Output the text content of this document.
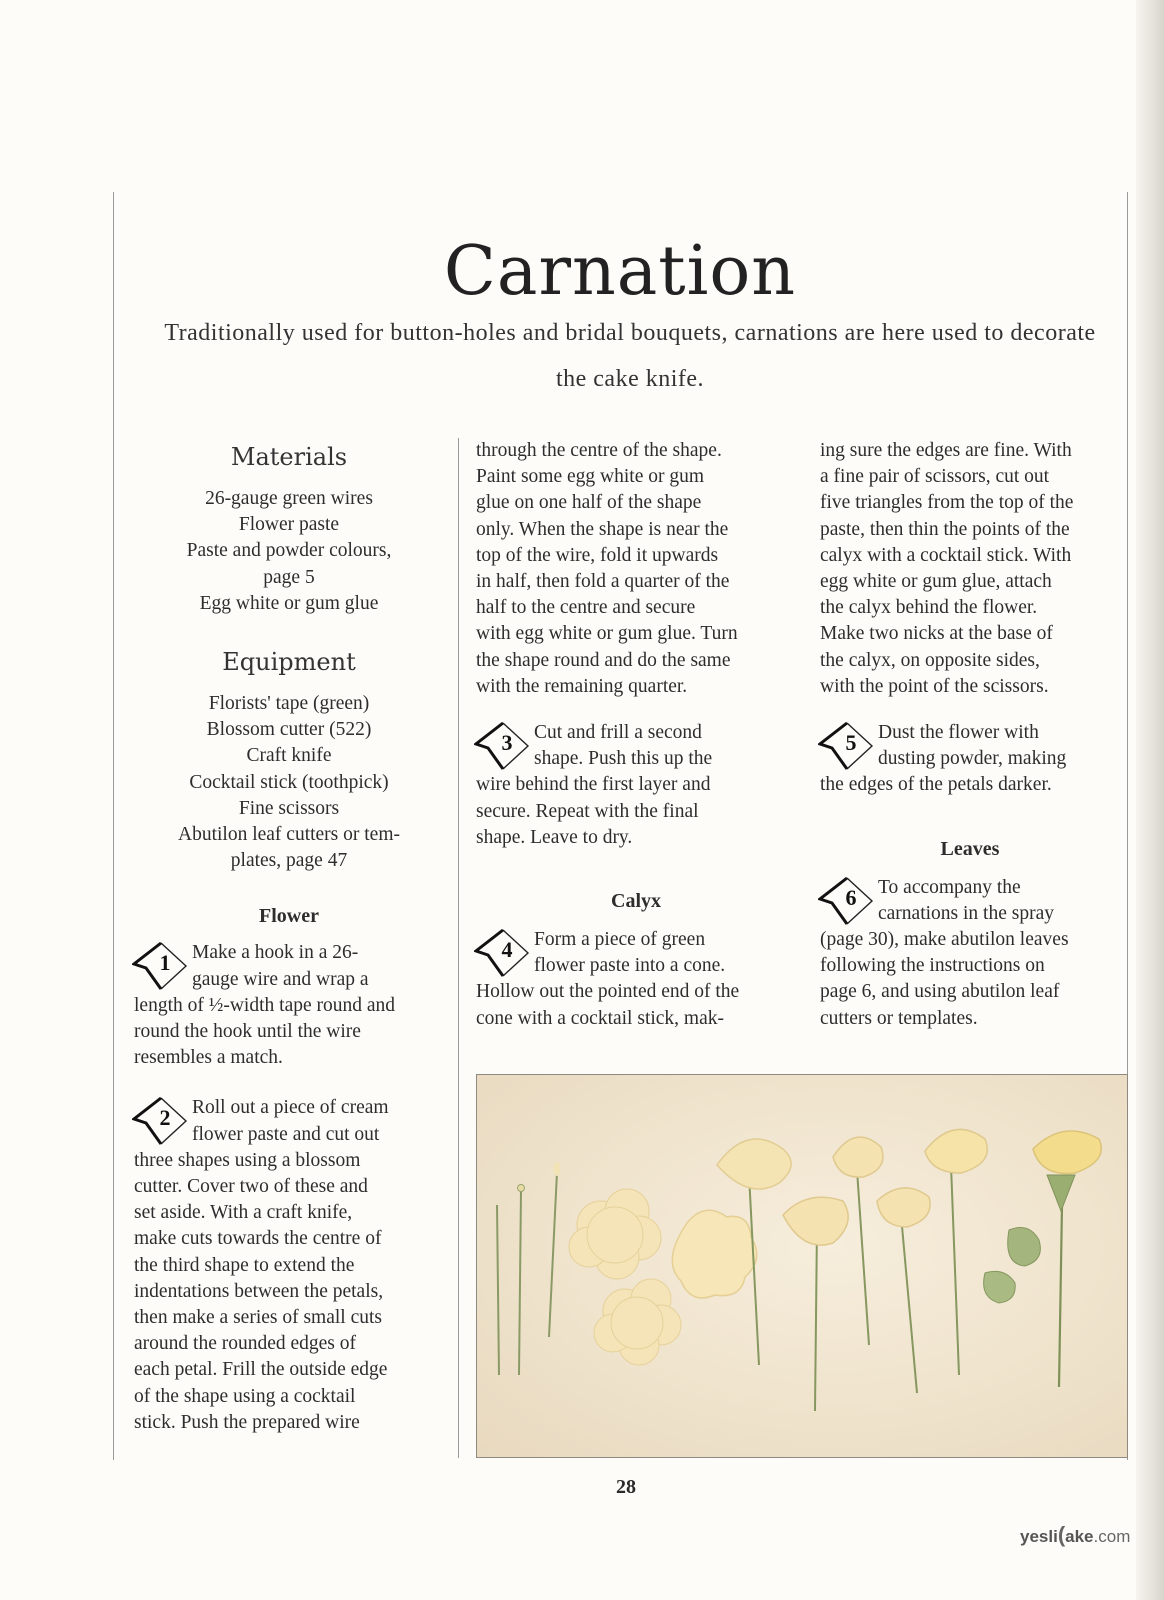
Carnation
Traditionally used for button-holes and bridal bouquets, carnations are here used to decorate the cake knife.
Materials

26-gauge green wires

Flower paste

Paste and powder colours,

page 5

Egg white or gum glue

Equipment

Florists' tape (green)

Blossom cutter (522)

Craft knife

Cocktail stick (toothpick)

Fine scissors

Abutilon leaf cutters or tem-

plates, page 47

Flower

1	Make a hook in a 26-

gauge wire and wrap a

length of ½-width tape round and

round the hook until the wire

resembles a match.

2	Roll out a piece of cream

flower paste and cut out

three shapes using a blossom

cutter. Cover two of these and

set aside. With a craft knife,

make cuts towards the centre of

the third shape to extend the

indentations between the petals,

then make a series of small cuts

around the rounded edges of

each petal. Frill the outside edge

of the shape using a cocktail

stick. Push the prepared wire

through the centre of the shape.

Paint some egg white or gum

glue on one half of the shape

only. When the shape is near the

top of the wire, fold it upwards

in half, then fold a quarter of the

half to the centre and secure

with egg white or gum glue. Turn

the shape round and do the same

with the remaining quarter.

3	Cut and frill a second

shape. Push this up the

wire behind the first layer and

secure. Repeat with the final

shape. Leave to dry.

Calyx

4	Form a piece of green

flower paste into a cone.

Hollow out the pointed end of the

cone with a cocktail stick, mak-

ing sure the edges are fine. With

a fine pair of scissors, cut out

five triangles from the top of the

paste, then thin the points of the

calyx with a cocktail stick. With

egg white or gum glue, attach

the calyx behind the flower.

Make two nicks at the base of

the calyx, on opposite sides,

with the point of the scissors.

5	Dust the flower with

dusting powder, making

the edges of the petals darker.

Leaves

6	To accompany the

carnations in the spray

(page 30), make abutilon leaves

following the instructions on

page 6, and using abutilon leaf

cutters or templates.

28
yesli(ake.com
